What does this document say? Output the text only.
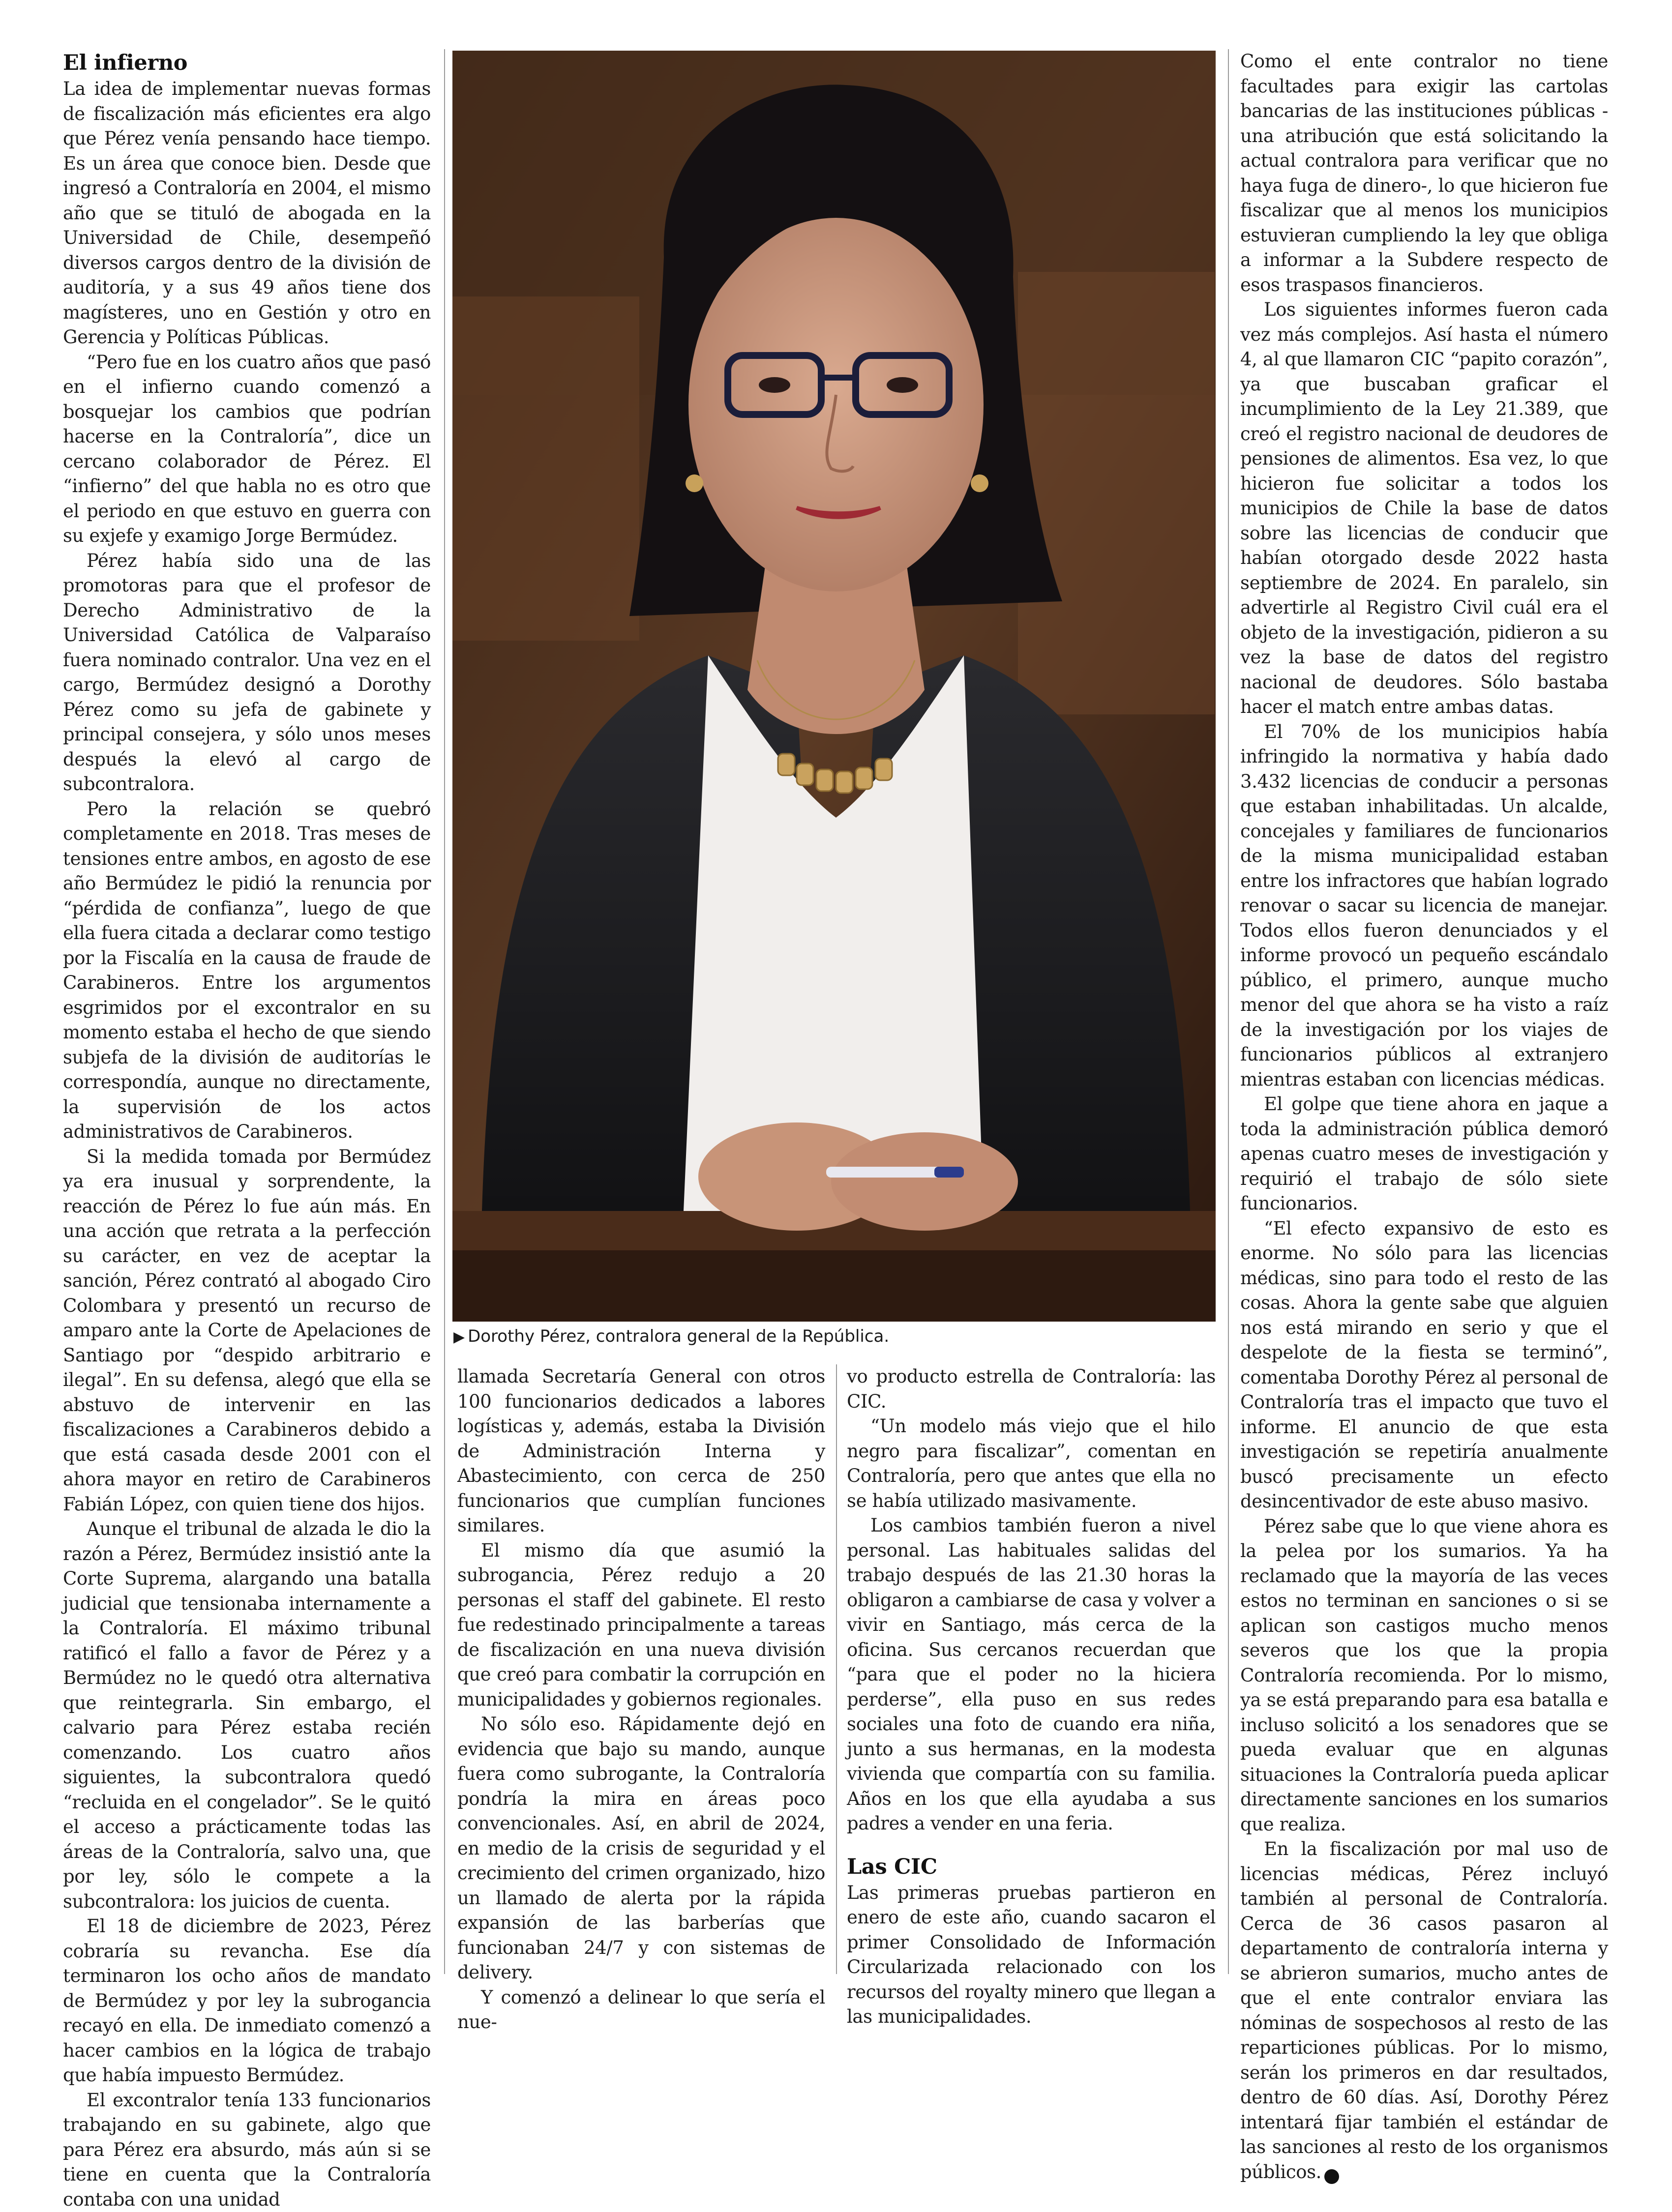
El infierno

La idea de implementar nuevas formas de fiscalización más eficientes era algo que Pérez venía pensando hace tiempo. Es un área que conoce bien. Desde que ingresó a Contraloría en 2004, el mismo año que se tituló de abogada en la Universidad de Chile, desempeñó diversos cargos dentro de la división de auditoría, y a sus 49 años tiene dos magísteres, uno en Gestión y otro en Gerencia y Políticas Públicas.

“Pero fue en los cuatro años que pasó en el infierno cuando comenzó a bosquejar los cambios que podrían hacerse en la Contraloría”, dice un cercano colaborador de Pérez. El “infierno” del que habla no es otro que el periodo en que estuvo en guerra con su exjefe y examigo Jorge Bermúdez.

Pérez había sido una de las promotoras para que el profesor de Derecho Administrativo de la Universidad Católica de Valparaíso fuera nominado contralor. Una vez en el cargo, Bermúdez designó a Dorothy Pérez como su jefa de gabinete y principal consejera, y sólo unos meses después la elevó al cargo de subcontralora.

Pero la relación se quebró completamente en 2018. Tras meses de tensiones entre ambos, en agosto de ese año Bermúdez le pidió la renuncia por “pérdida de confianza”, luego de que ella fuera citada a declarar como testigo por la Fiscalía en la causa de fraude de Carabineros. Entre los argumentos esgrimidos por el excontralor en su momento estaba el hecho de que siendo subjefa de la división de auditorías le correspondía, aunque no directamente, la supervisión de los actos administrativos de Carabineros.

Si la medida tomada por Bermúdez ya era inusual y sorprendente, la reacción de Pérez lo fue aún más. En una acción que retrata a la perfección su carácter, en vez de aceptar la sanción, Pérez contrató al abogado Ciro Colombara y presentó un recurso de amparo ante la Corte de Apelaciones de Santiago por “despido arbitrario e ilegal”. En su defensa, alegó que ella se abstuvo de intervenir en las fiscalizaciones a Carabineros debido a que está casada desde 2001 con el ahora mayor en retiro de Carabineros Fabián López, con quien tiene dos hijos.

Aunque el tribunal de alzada le dio la razón a Pérez, Bermúdez insistió ante la Corte Suprema, alargando una batalla judicial que tensionaba internamente a la Contraloría. El máximo tribunal ratificó el fallo a favor de Pérez y a Bermúdez no le quedó otra alternativa que reintegrarla. Sin embargo, el calvario para Pérez estaba recién comenzando. Los cuatro años siguientes, la subcontralora quedó “recluida en el congelador”. Se le quitó el acceso a prácticamente todas las áreas de la Contraloría, salvo una, que por ley, sólo le compete a la subcontralora: los juicios de cuenta.

El 18 de diciembre de 2023, Pérez cobraría su revancha. Ese día terminaron los ocho años de mandato de Bermúdez y por ley la subrogancia recayó en ella. De inmediato comenzó a hacer cambios en la lógica de trabajo que había impuesto Bermúdez.

El excontralor tenía 133 funcionarios trabajando en su gabinete, algo que para Pérez era absurdo, más aún si se tiene en cuenta que la Contraloría contaba con una unidad

▶ Dorothy Pérez, contralora general de la República.

llamada Secretaría General con otros 100 funcionarios dedicados a labores logísticas y, además, estaba la División de Administración Interna y Abastecimiento, con cerca de 250 funcionarios que cumplían funciones similares.

El mismo día que asumió la subrogancia, Pérez redujo a 20 personas el staff del gabinete. El resto fue redestinado principalmente a tareas de fiscalización en una nueva división que creó para combatir la corrupción en municipalidades y gobiernos regionales.

No sólo eso. Rápidamente dejó en evidencia que bajo su mando, aunque fuera como subrogante, la Contraloría pondría la mira en áreas poco convencionales. Así, en abril de 2024, en medio de la crisis de seguridad y el crecimiento del crimen organizado, hizo un llamado de alerta por la rápida expansión de las barberías que funcionaban 24/7 y con sistemas de delivery.

Y comenzó a delinear lo que sería el nue-

vo producto estrella de Contraloría: las CIC.

“Un modelo más viejo que el hilo negro para fiscalizar”, comentan en Contraloría, pero que antes que ella no se había utilizado masivamente.

Los cambios también fueron a nivel personal. Las habituales salidas del trabajo después de las 21.30 horas la obligaron a cambiarse de casa y volver a vivir en Santiago, más cerca de la oficina. Sus cercanos recuerdan que “para que el poder no la hiciera perderse”, ella puso en sus redes sociales una foto de cuando era niña, junto a sus hermanas, en la modesta vivienda que compartía con su familia. Años en los que ella ayudaba a sus padres a vender en una feria.

Las CIC

Las primeras pruebas partieron en enero de este año, cuando sacaron el primer Consolidado de Información Circularizada relacionado con los recursos del royalty minero que llegan a las municipalidades.

Como el ente contralor no tiene facultades para exigir las cartolas bancarias de las instituciones públicas -una atribución que está solicitando la actual contralora para verificar que no haya fuga de dinero-, lo que hicieron fue fiscalizar que al menos los municipios estuvieran cumpliendo la ley que obliga a informar a la Subdere respecto de esos traspasos financieros.

Los siguientes informes fueron cada vez más complejos. Así hasta el número 4, al que llamaron CIC “papito corazón”, ya que buscaban graficar el incumplimiento de la Ley 21.389, que creó el registro nacional de deudores de pensiones de alimentos. Esa vez, lo que hicieron fue solicitar a todos los municipios de Chile la base de datos sobre las licencias de conducir que habían otorgado desde 2022 hasta septiembre de 2024. En paralelo, sin advertirle al Registro Civil cuál era el objeto de la investigación, pidieron a su vez la base de datos del registro nacional de deudores. Sólo bastaba hacer el match entre ambas datas.

El 70% de los municipios había infringido la normativa y había dado 3.432 licencias de conducir a personas que estaban inhabilitadas. Un alcalde, concejales y familiares de funcionarios de la misma municipalidad estaban entre los infractores que habían logrado renovar o sacar su licencia de manejar. Todos ellos fueron denunciados y el informe provocó un pequeño escándalo público, el primero, aunque mucho menor del que ahora se ha visto a raíz de la investigación por los viajes de funcionarios públicos al extranjero mientras estaban con licencias médicas.

El golpe que tiene ahora en jaque a toda la administración pública demoró apenas cuatro meses de investigación y requirió el trabajo de sólo siete funcionarios.

“El efecto expansivo de esto es enorme. No sólo para las licencias médicas, sino para todo el resto de las cosas. Ahora la gente sabe que alguien nos está mirando en serio y que el despelote de la fiesta se terminó”, comentaba Dorothy Pérez al personal de Contraloría tras el impacto que tuvo el informe. El anuncio de que esta investigación se repetiría anualmente buscó precisamente un efecto desincentivador de este abuso masivo.

Pérez sabe que lo que viene ahora es la pelea por los sumarios. Ya ha reclamado que la mayoría de las veces estos no terminan en sanciones o si se aplican son castigos mucho menos severos que los que la propia Contraloría recomienda. Por lo mismo, ya se está preparando para esa batalla e incluso solicitó a los senadores que se pueda evaluar que en algunas situaciones la Contraloría pueda aplicar directamente sanciones en los sumarios que realiza.

En la fiscalización por mal uso de licencias médicas, Pérez incluyó también al personal de Contraloría. Cerca de 36 casos pasaron al departamento de contraloría interna y se abrieron sumarios, mucho antes de que el ente contralor enviara las nóminas de sospechosos al resto de las reparticiones públicas. Por lo mismo, serán los primeros en dar resultados, dentro de 60 días. Así, Dorothy Pérez intentará fijar también el estándar de las sanciones al resto de los organismos públicos. ●
